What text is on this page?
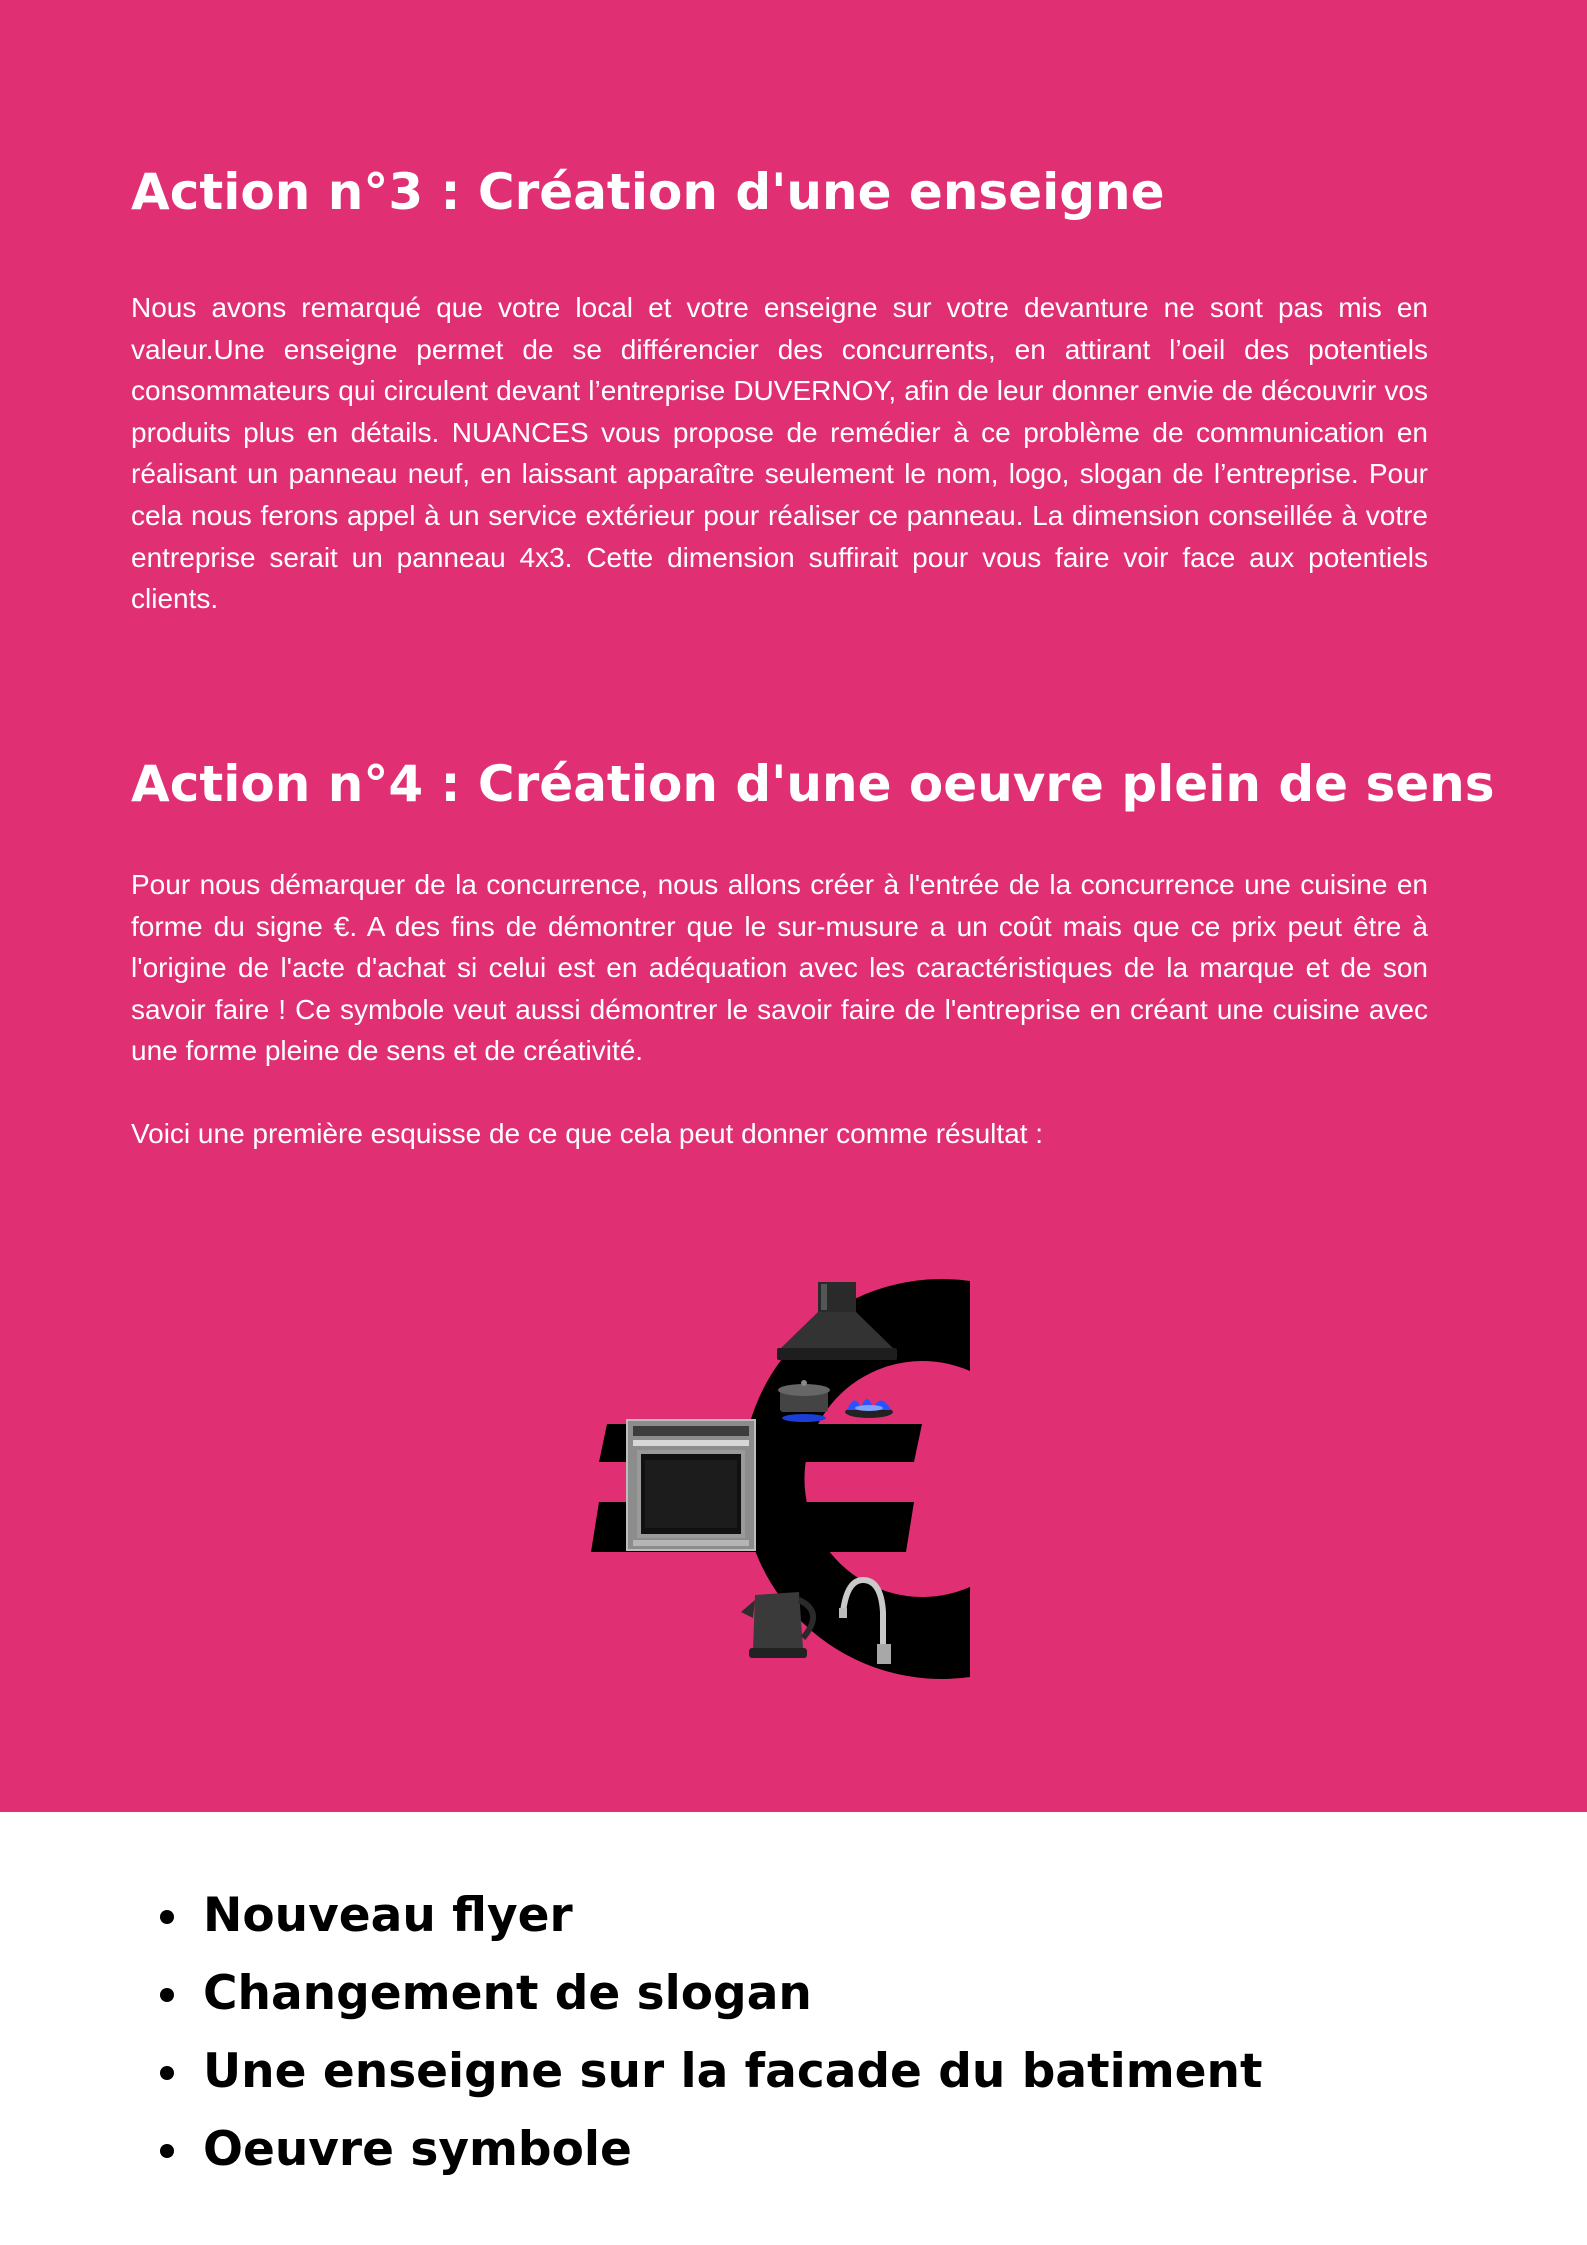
Action n°3 : Création d'une enseigne

Nous avons remarqué que votre local et votre enseigne sur votre devanture ne sont pas mis en valeur.Une enseigne permet de se différencier des concurrents, en attirant l’oeil des potentiels consommateurs qui circulent devant l’entreprise DUVERNOY, afin de leur donner envie de découvrir vos produits plus en détails. NUANCES vous propose de remédier à ce problème de communication en réalisant un panneau neuf, en laissant apparaître seulement le nom, logo, slogan de l’entreprise. Pour cela nous ferons appel à un service extérieur pour réaliser ce panneau. La dimension conseillée à votre entreprise serait un panneau 4x3. Cette dimension suffirait pour vous faire voir face aux potentiels clients.

Action n°4 : Création d'une oeuvre plein de sens

Pour nous démarquer de la concurrence, nous allons créer à l'entrée de la concurrence une cuisine en forme du signe €. A des fins de démontrer que le sur-musure a un coût mais que ce prix peut être à l'origine de l'acte d'achat si celui est en adéquation avec les caractéristiques de la marque et de son savoir faire ! Ce symbole veut aussi démontrer le savoir faire de l'entreprise en créant une cuisine avec une forme pleine de sens et de créativité.

Voici une première esquisse de ce que cela peut donner comme résultat :

Nouveau flyer
Changement de slogan
Une enseigne sur la facade du batiment
Oeuvre symbole
